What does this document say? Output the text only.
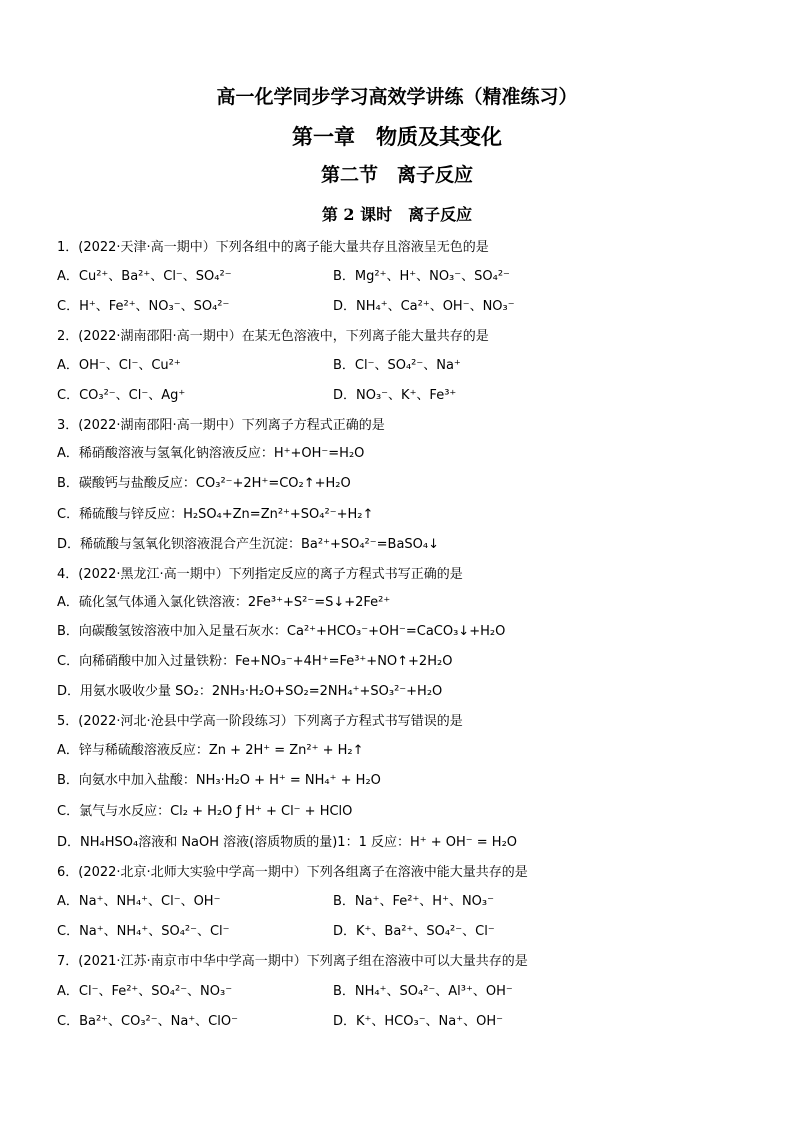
高一化学同步学习高效学讲练（精准练习）
第一章　物质及其变化
第二节　离子反应
第 2 课时　离子反应
1．(2022·天津·高一期中）下列各组中的离子能大量共存且溶液呈无色的是
A．Cu²⁺、Ba²⁺、Cl⁻、SO₄²⁻	B．Mg²⁺、H⁺、NO₃⁻、SO₄²⁻
C．H⁺、Fe²⁺、NO₃⁻、SO₄²⁻	D．NH₄⁺、Ca²⁺、OH⁻、NO₃⁻
2．(2022·湖南邵阳·高一期中）在某无色溶液中，下列离子能大量共存的是
A．OH⁻、Cl⁻、Cu²⁺	B．Cl⁻、SO₄²⁻、Na⁺
C．CO₃²⁻、Cl⁻、Ag⁺	D．NO₃⁻、K⁺、Fe³⁺
3．(2022·湖南邵阳·高一期中）下列离子方程式正确的是
A．稀硝酸溶液与氢氧化钠溶液反应：H⁺+OH⁻=H₂O
B．碳酸钙与盐酸反应：CO₃²⁻+2H⁺=CO₂↑+H₂O
C．稀硫酸与锌反应：H₂SO₄+Zn=Zn²⁺+SO₄²⁻+H₂↑
D．稀硫酸与氢氧化钡溶液混合产生沉淀：Ba²⁺+SO₄²⁻=BaSO₄↓
4．(2022·黑龙江·高一期中）下列指定反应的离子方程式书写正确的是
A．硫化氢气体通入氯化铁溶液：2Fe³⁺+S²⁻=S↓+2Fe²⁺
B．向碳酸氢铵溶液中加入足量石灰水：Ca²⁺+HCO₃⁻+OH⁻=CaCO₃↓+H₂O
C．向稀硝酸中加入过量铁粉：Fe+NO₃⁻+4H⁺=Fe³⁺+NO↑+2H₂O
D．用氨水吸收少量 SO₂：2NH₃·H₂O+SO₂=2NH₄⁺+SO₃²⁻+H₂O
5．(2022·河北·沧县中学高一阶段练习）下列离子方程式书写错误的是
A．锌与稀硫酸溶液反应：Zn + 2H⁺ = Zn²⁺ + H₂↑
B．向氨水中加入盐酸：NH₃·H₂O + H⁺ = NH₄⁺ + H₂O
C．氯气与水反应：Cl₂ + H₂O ƒ H⁺ + Cl⁻ + HClO
D．NH₄HSO₄溶液和 NaOH 溶液(溶质物质的量)1：1 反应：H⁺ + OH⁻ = H₂O
6．(2022·北京·北师大实验中学高一期中）下列各组离子在溶液中能大量共存的是
A．Na⁺、NH₄⁺、Cl⁻、OH⁻	B．Na⁺、Fe²⁺、H⁺、NO₃⁻
C．Na⁺、NH₄⁺、SO₄²⁻、Cl⁻	D．K⁺、Ba²⁺、SO₄²⁻、Cl⁻
7．(2021·江苏·南京市中华中学高一期中）下列离子组在溶液中可以大量共存的是
A．Cl⁻、Fe²⁺、SO₄²⁻、NO₃⁻	B．NH₄⁺、SO₄²⁻、Al³⁺、OH⁻
C．Ba²⁺、CO₃²⁻、Na⁺、ClO⁻	D．K⁺、HCO₃⁻、Na⁺、OH⁻
